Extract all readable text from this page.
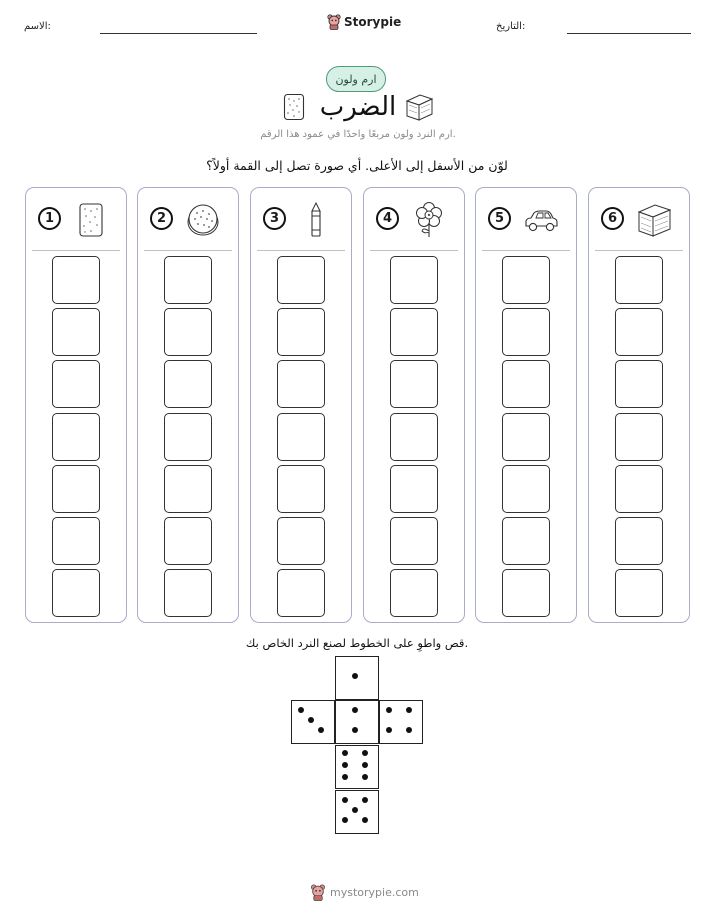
الاسم:	Storypie	التاريخ:
ارم ولون
الضرب
ارم النرد ولون مربعًا واحدًا في عمود هذا الرقم.
لوّن من الأسفل إلى الأعلى. أي صورة تصل إلى القمة أولاً؟
1	2	3	4	5	6
قص واطوِ على الخطوط لصنع النرد الخاص بك.
mystorypie.com
